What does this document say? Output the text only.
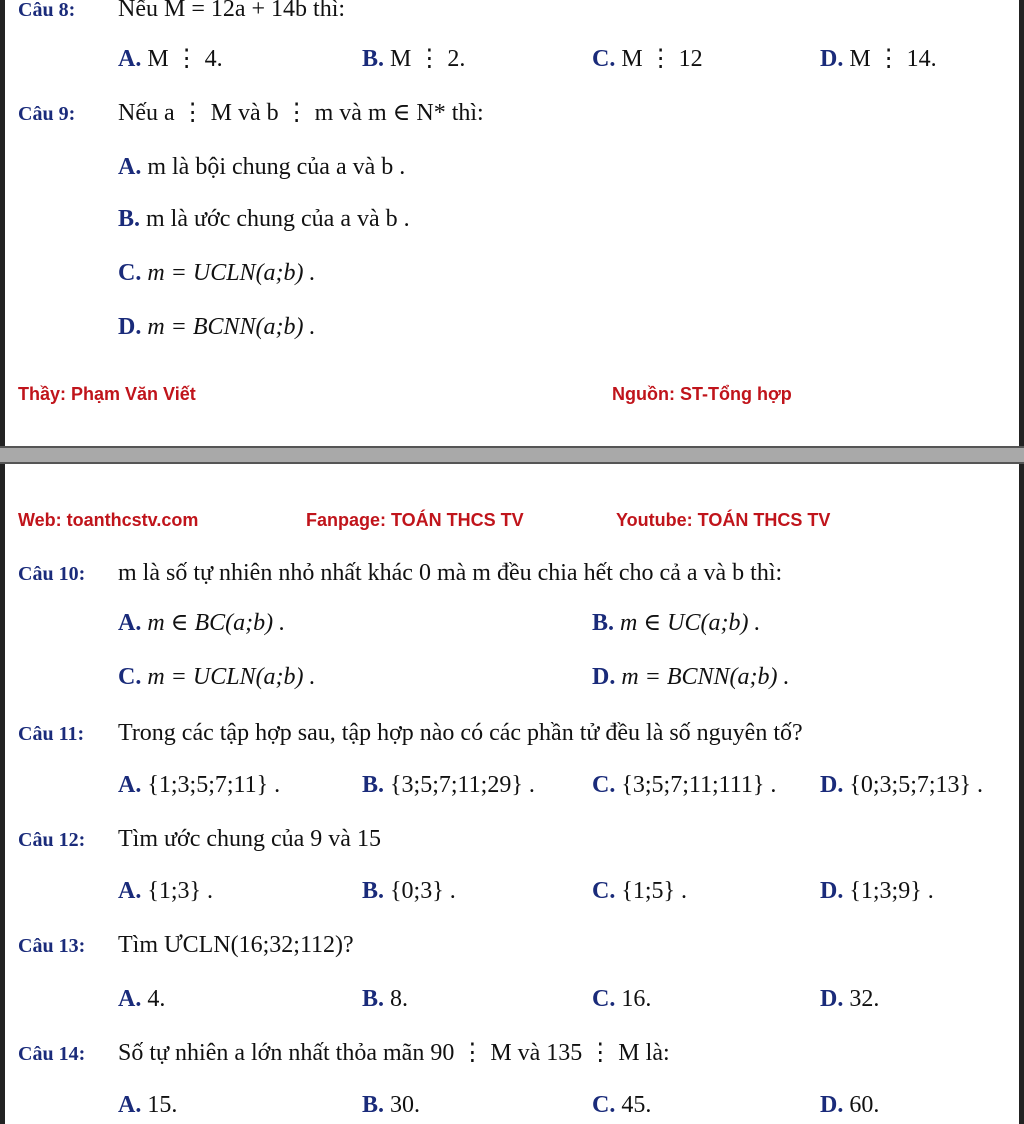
Câu 8: Nếu M = 12a + 14b thì:
A. M ⋮ 4.	B. M ⋮ 2.	C. M ⋮ 12	D. M ⋮ 14.
Câu 9: Nếu a ⋮ M và b ⋮ m và m ∈ N* thì:
A. m là bội chung của a và b .
B. m là ước chung của a và b .
C. m = UCLN(a;b) .
D. m = BCNN(a;b) .
Thầy: Phạm Văn Viết	Nguồn: ST-Tổng hợp
Web: toanthcstv.com	Fanpage: TOÁN THCS TV	Youtube: TOÁN THCS TV
Câu 10: m là số tự nhiên nhỏ nhất khác 0 mà m đều chia hết cho cả a và b thì:
A. m ∈ BC(a;b) .	B. m ∈ UC(a;b) .
C. m = UCLN(a;b) .	D. m = BCNN(a;b) .
Câu 11: Trong các tập hợp sau, tập hợp nào có các phần tử đều là số nguyên tố?
A. {1;3;5;7;11} .	B. {3;5;7;11;29} . C. {3;5;7;11;111} . D. {0;3;5;7;13} .
Câu 12: Tìm ước chung của 9 và 15
A. {1;3} .	B. {0;3} .	C. {1;5} .	D. {1;3;9} .
Câu 13: Tìm ƯCLN(16;32;112)?
A. 4.	B. 8.	C. 16.	D. 32.
Câu 14: Số tự nhiên a lớn nhất thỏa mãn 90 ⋮ M và 135 ⋮ M là:
A. 15.	B. 30.	C. 45.	D. 60.
